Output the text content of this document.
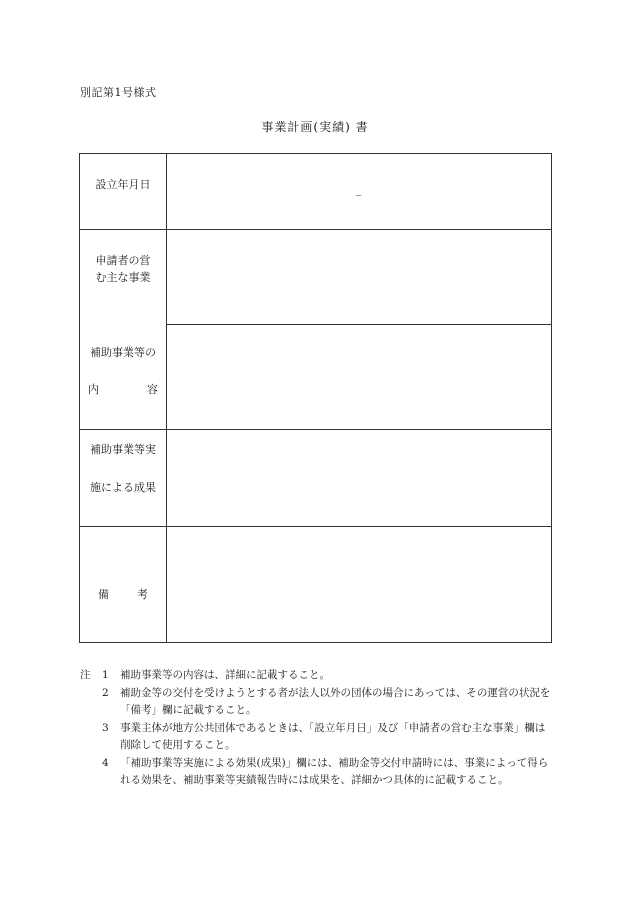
別記第1号様式
事業計画(実績) 書
設立年月日	_
申請者の営
む主な事業
補助事業等の
内	容
補助事業等実
施による成果
備	考
注	1 補助事業等の内容は、詳細に記載すること。
2 補助金等の交付を受けようとする者が法人以外の団体の場合にあっては、その運営の状況を「備考」欄に記載すること。
3 事業主体が地方公共団体であるときは、「設立年月日」及び「申請者の営む主な事業」欄は削除して使用すること。
4 「補助事業等実施による効果(成果)」欄には、補助金等交付申請時には、事業によって得られる効果を、補助事業等実績報告時には成果を、詳細かつ具体的に記載すること。
